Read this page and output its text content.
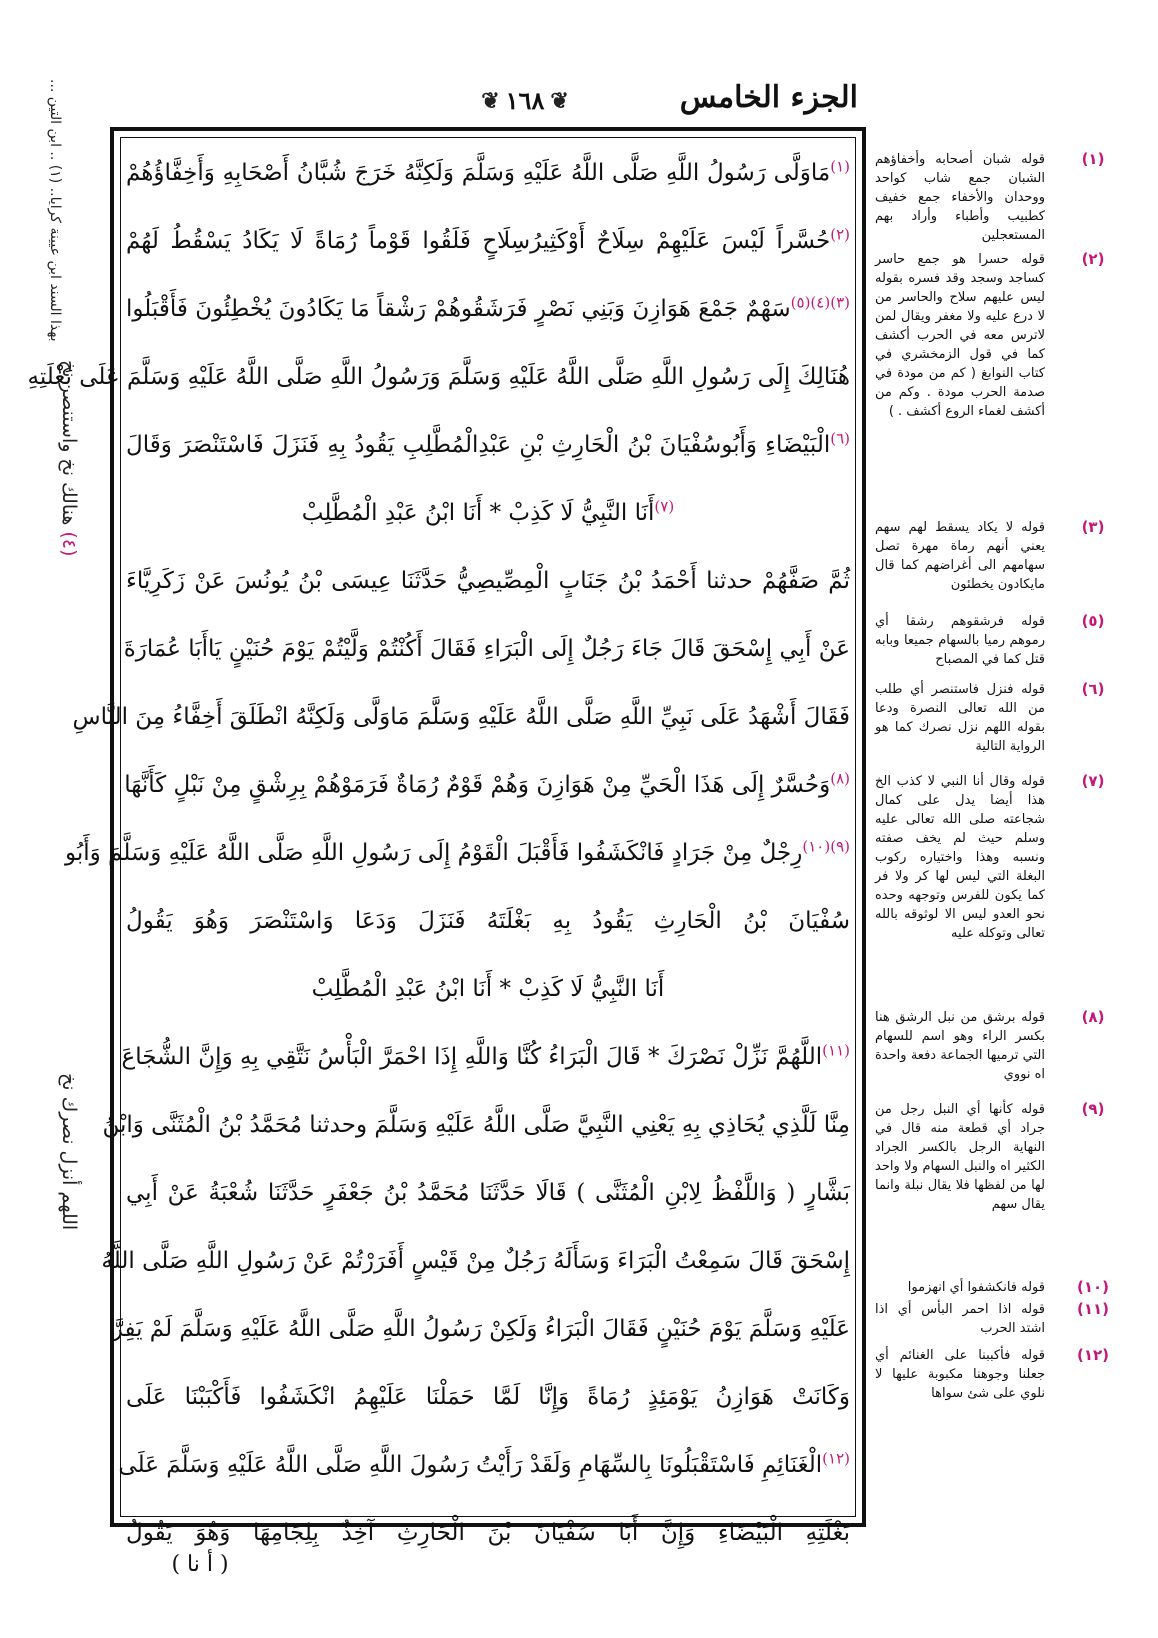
الجزء الخامس
❦ ١٦٨ ❦
بهذا السند ابن عيينة كرايا.. (١) .. ابن التين ...
(٤) هنالك نخ واستنصر نخ
اللهم أنزل نصرك نخ
$^{(١)}$مَاوَلَّى رَسُولُ اللَّهِ صَلَّى اللَّهُ عَلَيْهِ وَسَلَّمَ وَلَكِنَّهُ خَرَجَ شُبَّانُ أَصْحَابِهِ وَأَخِفَّاؤُهُمْ
$^{(٢)}$حُسَّراً لَيْسَ عَلَيْهِمْ سِلَاحٌ أَوْكَثِيرُسِلَاحٍ فَلَقُوا قَوْماً رُمَاةً لَا يَكَادُ يَسْقُطُ لَهُمْ
$^{(٣)(٤)(٥)}$سَهْمٌ جَمْعَ هَوَازِنَ وَبَنِي نَصْرٍ فَرَشَقُوهُمْ رَشْقاً مَا يَكَادُونَ يُخْطِئُونَ فَأَقْبَلُوا
هُنَالِكَ إِلَى رَسُولِ اللَّهِ صَلَّى اللَّهُ عَلَيْهِ وَسَلَّمَ وَرَسُولُ اللَّهِ صَلَّى اللَّهُ عَلَيْهِ وَسَلَّمَ عَلَى بَغْلَتِهِ
$^{(٦)}$الْبَيْضَاءِ وَأَبُوسُفْيَانَ بْنُ الْحَارِثِ بْنِ عَبْدِالْمُطَّلِبِ يَقُودُ بِهِ فَنَزَلَ فَاسْتَنْصَرَ وَقَالَ
$^{(٧)}$أَنَا النَّبِيُّ لَا كَذِبْ * أَنَا ابْنُ عَبْدِ الْمُطَّلِبْ
ثُمَّ صَفَّهُمْ حدثنا أَحْمَدُ بْنُ جَنَابٍ الْمِصِّيصِيُّ حَدَّثَنَا عِيسَى بْنُ يُونُسَ عَنْ زَكَرِيَّاءَ
عَنْ أَبِي إِسْحَقَ قَالَ جَاءَ رَجُلٌ إِلَى الْبَرَاءِ فَقَالَ أَكُنْتُمْ وَلَّيْتُمْ يَوْمَ حُنَيْنٍ يَاأَبَا عُمَارَةَ
فَقَالَ أَشْهَدُ عَلَى نَبِيِّ اللَّهِ صَلَّى اللَّهُ عَلَيْهِ وَسَلَّمَ مَاوَلَّى وَلَكِنَّهُ انْطَلَقَ أَخِفَّاءُ مِنَ النَّاسِ
$^{(٨)}$وَحُسَّرٌ إِلَى هَذَا الْحَيِّ مِنْ هَوَازِنَ وَهُمْ قَوْمٌ رُمَاةٌ فَرَمَوْهُمْ بِرِشْقٍ مِنْ نَبْلٍ كَأَنَّهَا
$^{(٩)(١٠)}$رِجْلٌ مِنْ جَرَادٍ فَانْكَشَفُوا فَأَقْبَلَ الْقَوْمُ إِلَى رَسُولِ اللَّهِ صَلَّى اللَّهُ عَلَيْهِ وَسَلَّمَ وَأَبُو
سُفْيَانَ بْنُ الْحَارِثِ يَقُودُ بِهِ بَغْلَتَهُ فَنَزَلَ وَدَعَا وَاسْتَنْصَرَ وَهُوَ يَقُولُ
أَنَا النَّبِيُّ لَا كَذِبْ * أَنَا ابْنُ عَبْدِ الْمُطَّلِبْ
$^{(١١)}$اللَّهُمَّ نَزِّلْ نَصْرَكَ * قَالَ الْبَرَاءُ كُنَّا وَاللَّهِ إِذَا احْمَرَّ الْبَأْسُ نَتَّقِي بِهِ وَإِنَّ الشُّجَاعَ
مِنَّا لَلَّذِي يُحَاذِي بِهِ يَعْنِي النَّبِيَّ صَلَّى اللَّهُ عَلَيْهِ وَسَلَّمَ وحدثنا مُحَمَّدُ بْنُ الْمُثَنَّى وَابْنُ
بَشَّارٍ ( وَاللَّفْظُ لِابْنِ الْمُثَنَّى ) قَالَا حَدَّثَنَا مُحَمَّدُ بْنُ جَعْفَرٍ حَدَّثَنَا شُعْبَةُ عَنْ أَبِي
إِسْحَقَ قَالَ سَمِعْتُ الْبَرَاءَ وَسَأَلَهُ رَجُلٌ مِنْ قَيْسٍ أَفَرَرْتُمْ عَنْ رَسُولِ اللَّهِ صَلَّى اللَّهُ
عَلَيْهِ وَسَلَّمَ يَوْمَ حُنَيْنٍ فَقَالَ الْبَرَاءُ وَلَكِنْ رَسُولُ اللَّهِ صَلَّى اللَّهُ عَلَيْهِ وَسَلَّمَ لَمْ يَفِرَّ
وَكَانَتْ هَوَازِنُ يَوْمَئِذٍ رُمَاةً وَإِنَّا لَمَّا حَمَلْنَا عَلَيْهِمُ انْكَشَفُوا فَأَكْبَبْنَا عَلَى
$^{(١٢)}$الْغَنَائِمِ فَاسْتَقْبَلُونَا بِالسِّهَامِ وَلَقَدْ رَأَيْتُ رَسُولَ اللَّهِ صَلَّى اللَّهُ عَلَيْهِ وَسَلَّمَ عَلَى
بَغْلَتِهِ الْبَيْضَاءِ وَإِنَّ أَبَا سُفْيَانَ بْنَ الْحَارِثِ آخِذٌ بِلِجَامِهَا وَهُوَ يَقُولُ
(١)
قوله شبان أصحابه وأخفاؤهم الشبان جمع شاب كواحد ووحدان والأخفاء جمع خفيف كطبيب وأطباء وأراد بهم المستعجلين
(٢)
قوله حسرا هو جمع حاسر كساجد وسجد وقد فسره بقوله ليس عليهم سلاح والحاسر من لا درع عليه ولا مغفر ويقال لمن لاترس معه في الحرب أكشف كما في قول الزمخشري في كتاب النوابغ ( كم من مودة في صدمة الحرب مودة . وكم من أكشف لغماء الروع أكشف . )
(٣)
قوله لا يكاد يسقط لهم سهم يعني أنهم رماة مهرة تصل سهامهم الى أغراضهم كما قال مايكادون يخطئون
(٥)
قوله فرشقوهم رشقا أي رموهم رميا بالسهام جميعا وبابه قتل كما في المصباح
(٦)
قوله فنزل فاستنصر أي طلب من الله تعالى النصرة ودعا بقوله اللهم نزل نصرك كما هو الرواية التالية
(٧)
قوله وقال أنا النبي لا كذب الخ هذا أيضا يدل على كمال شجاعته صلى الله تعالى عليه وسلم حيث لم يخف صفته ونسبه وهذا واختياره ركوب البغلة التي ليس لها كر ولا فر كما يكون للفرس وتوجهه وحده نحو العدو ليس الا لوثوقه بالله تعالى وتوكله عليه
(٨)
قوله برشق من نبل الرشق هنا بكسر الراء وهو اسم للسهام التي ترميها الجماعة دفعة واحدة اه نووي
(٩)
قوله كأنها أي النبل رجل من جراد أي قطعة منه قال في النهاية الرجل بالكسر الجراد الكثير اه والنبل السهام ولا واحد لها من لفظها فلا يقال نبلة وانما يقال سهم
(١٠)
قوله فانكشفوا أي انهزموا
(١١)
قوله اذا احمر البأس أي اذا اشتد الحرب
(١٢)
قوله فأكببنا على الغنائم أي جعلنا وجوهنا مكبوبة عليها لا نلوي على شئ سواها
( أ نا )
